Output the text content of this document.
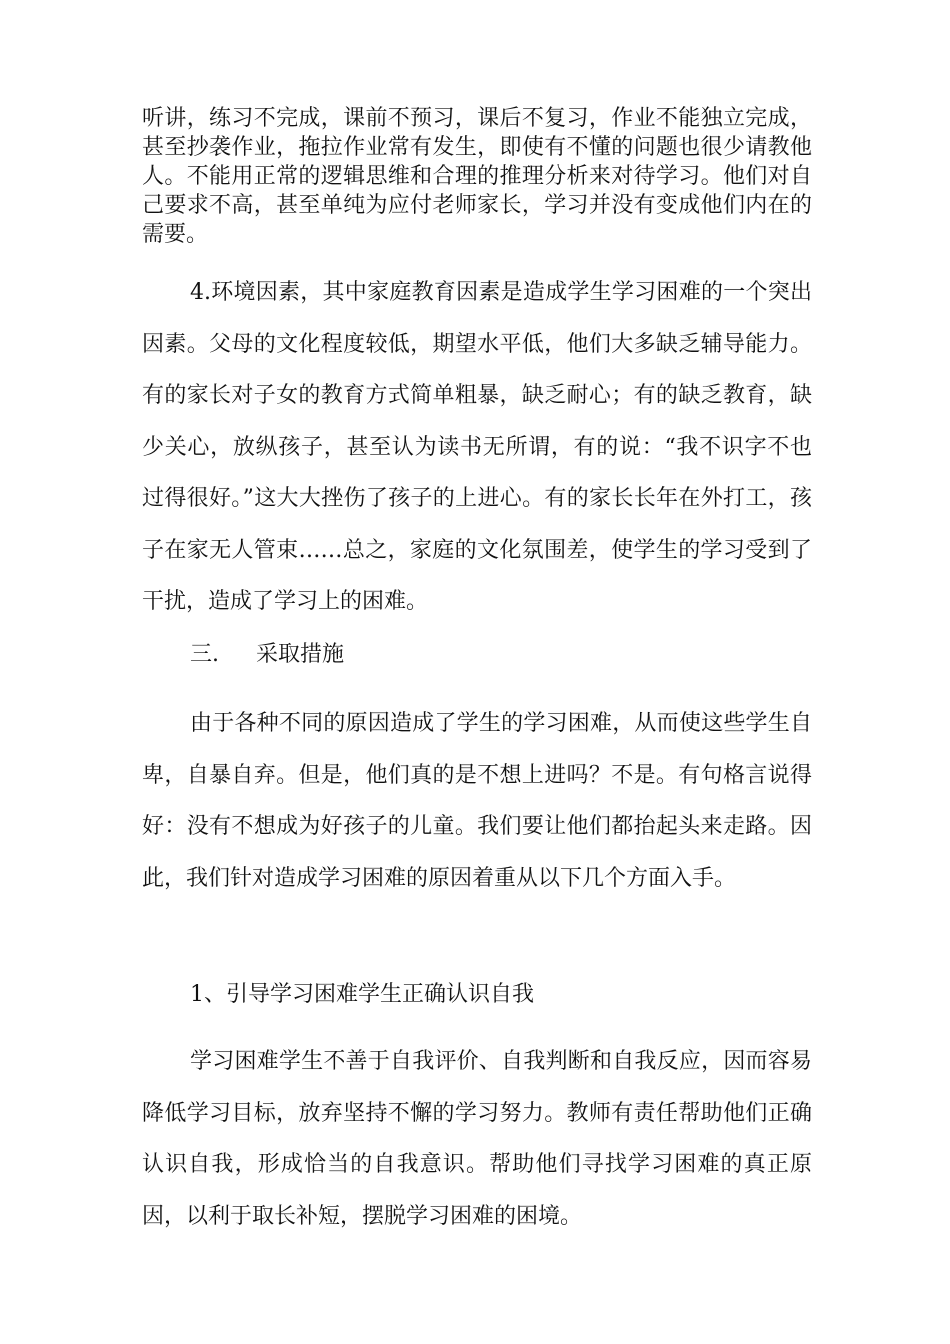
听讲，练习不完成，课前不预习，课后不复习，作业不能独立完成，甚至抄袭作业，拖拉作业常有发生，即使有不懂的问题也很少请教他人。不能用正常的逻辑思维和合理的推理分析来对待学习。他们对自己要求不高，甚至单纯为应付老师家长，学习并没有变成他们内在的需要。

4.环境因素，其中家庭教育因素是造成学生学习困难的一个突出因素。父母的文化程度较低，期望水平低，他们大多缺乏辅导能力。有的家长对子女的教育方式简单粗暴，缺乏耐心；有的缺乏教育，缺少关心，放纵孩子，甚至认为读书无所谓，有的说：“我不识字不也过得很好。”这大大挫伤了孩子的上进心。有的家长长年在外打工，孩子在家无人管束……总之，家庭的文化氛围差，使学生的学习受到了干扰，造成了学习上的困难。

三. 采取措施

由于各种不同的原因造成了学生的学习困难，从而使这些学生自卑，自暴自弃。但是，他们真的是不想上进吗？不是。有句格言说得好：没有不想成为好孩子的儿童。我们要让他们都抬起头来走路。因此，我们针对造成学习困难的原因着重从以下几个方面入手。

1、引导学习困难学生正确认识自我

学习困难学生不善于自我评价、自我判断和自我反应，因而容易降低学习目标，放弃坚持不懈的学习努力。教师有责任帮助他们正确认识自我，形成恰当的自我意识。帮助他们寻找学习困难的真正原因，以利于取长补短，摆脱学习困难的困境。
